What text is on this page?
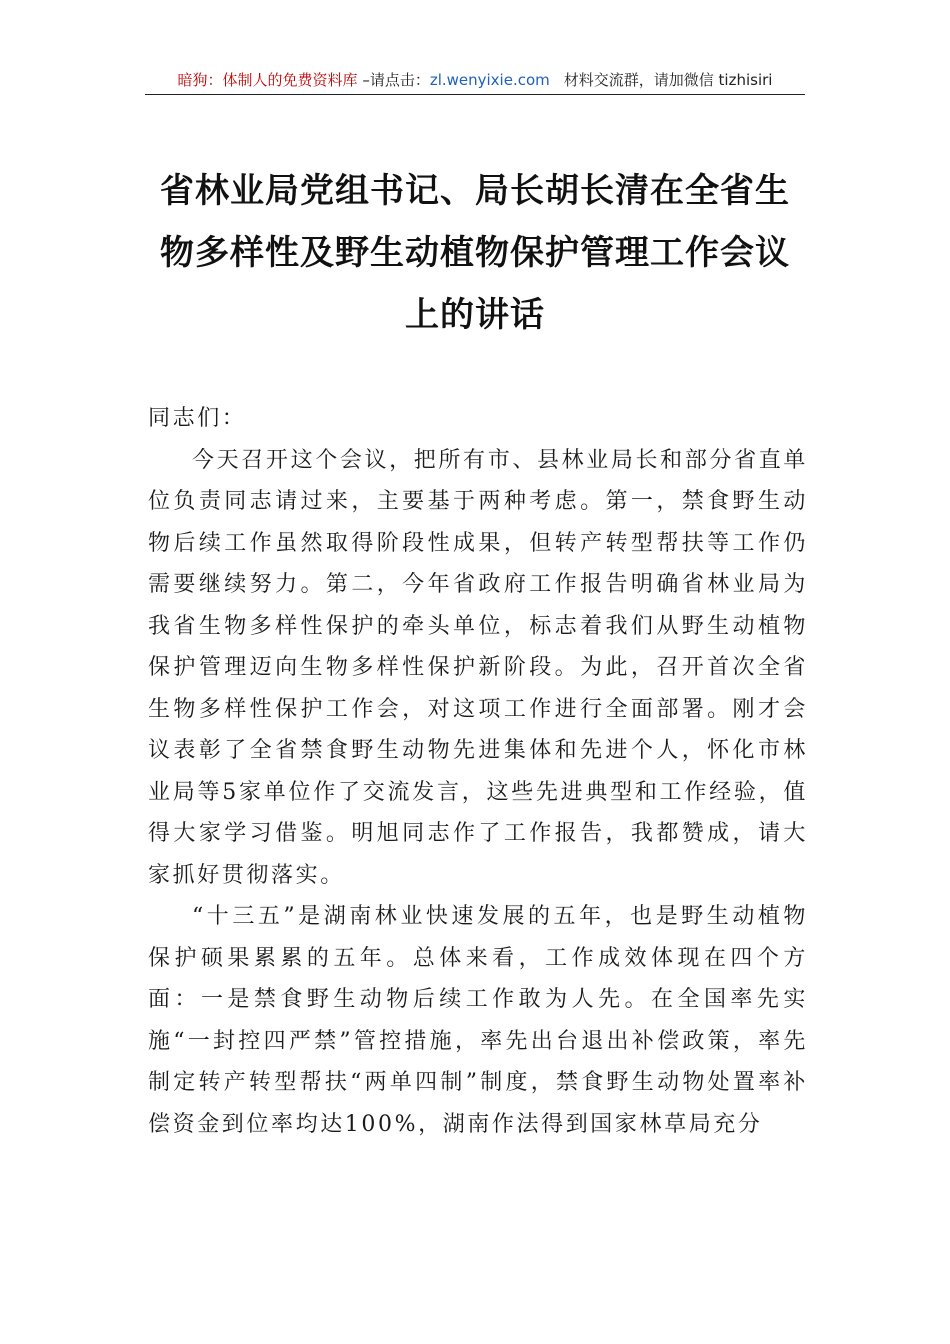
暗狗：体制人的免费资料库 –请点击：zl.wenyixie.com 材料交流群，请加微信 tizhisiri
省林业局党组书记、局长胡长清在全省生
物多样性及野生动植物保护管理工作会议
上的讲话

同志们：

今天召开这个会议，把所有市、县林业局长和部分省直单位负责同志请过来，主要基于两种考虑。第一，禁食野生动物后续工作虽然取得阶段性成果，但转产转型帮扶等工作仍需要继续努力。第二，今年省政府工作报告明确省林业局为我省生物多样性保护的牵头单位，标志着我们从野生动植物保护管理迈向生物多样性保护新阶段。为此，召开首次全省生物多样性保护工作会，对这项工作进行全面部署。刚才会议表彰了全省禁食野生动物先进集体和先进个人，怀化市林业局等5家单位作了交流发言，这些先进典型和工作经验，值得大家学习借鉴。明旭同志作了工作报告，我都赞成，请大家抓好贯彻落实。

“十三五”是湖南林业快速发展的五年，也是野生动植物保护硕果累累的五年。总体来看，工作成效体现在四个方面：一是禁食野生动物后续工作敢为人先。在全国率先实施“一封控四严禁”管控措施，率先出台退出补偿政策，率先制定转产转型帮扶“两单四制”制度，禁食野生动物处置率补偿资金到位率均达100%，湖南作法得到国家林草局充分
